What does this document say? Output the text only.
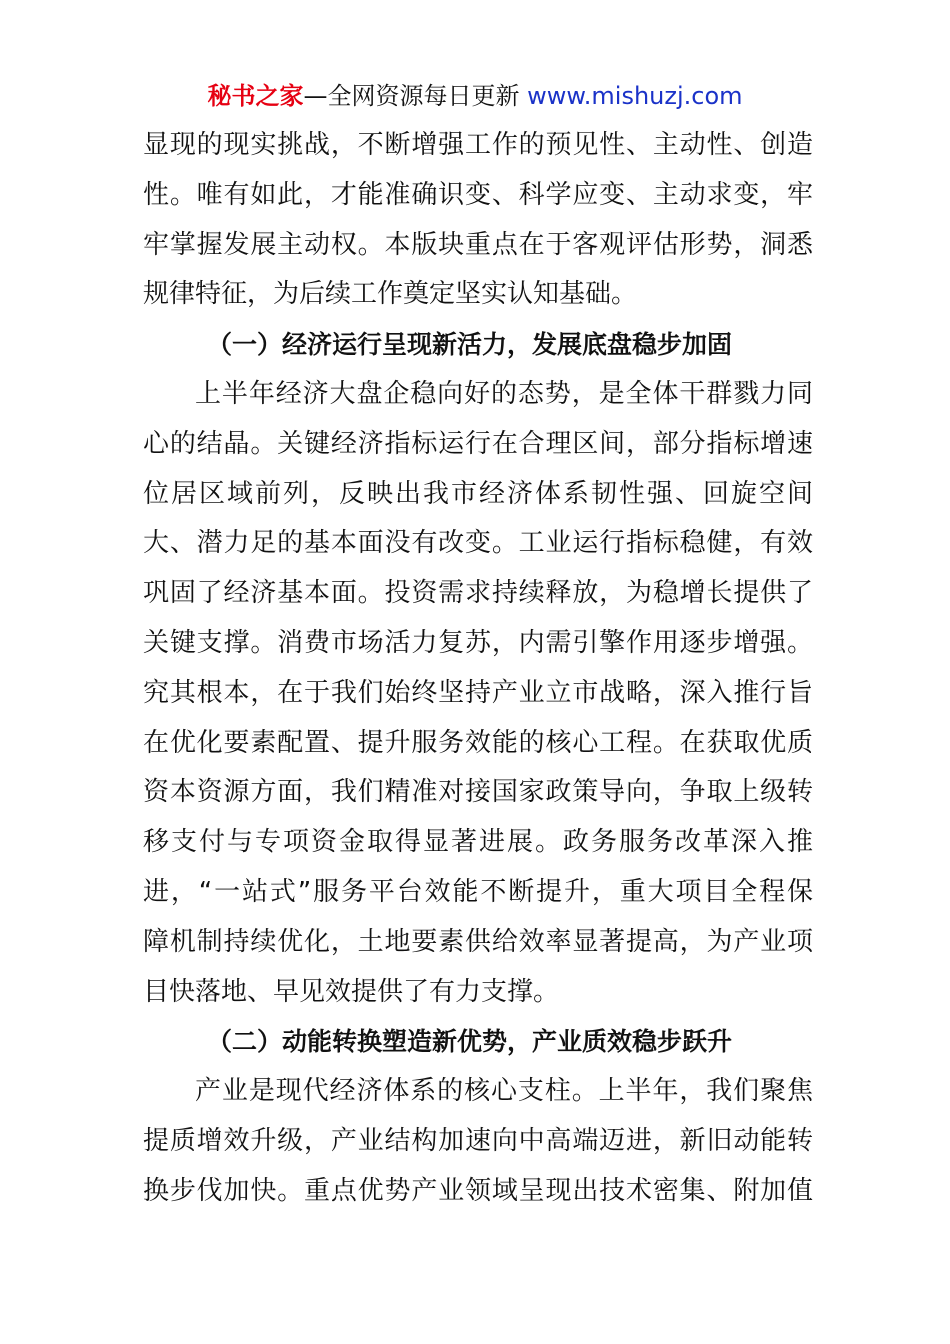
秘书之家—全网资源每日更新 www.mishuzj.com
显现的现实挑战，不断增强工作的预见性、主动性、创造
性。唯有如此，才能准确识变、科学应变、主动求变，牢
牢掌握发展主动权。本版块重点在于客观评估形势，洞悉
规律特征，为后续工作奠定坚实认知基础。
（一）经济运行呈现新活力，发展底盘稳步加固
上半年经济大盘企稳向好的态势，是全体干群戮力同
心的结晶。关键经济指标运行在合理区间，部分指标增速
位居区域前列，反映出我市经济体系韧性强、回旋空间
大、潜力足的基本面没有改变。工业运行指标稳健，有效
巩固了经济基本面。投资需求持续释放，为稳增长提供了
关键支撑。消费市场活力复苏，内需引擎作用逐步增强。
究其根本，在于我们始终坚持产业立市战略，深入推行旨
在优化要素配置、提升服务效能的核心工程。在获取优质
资本资源方面，我们精准对接国家政策导向，争取上级转
移支付与专项资金取得显著进展。政务服务改革深入推
进，“一站式”服务平台效能不断提升，重大项目全程保
障机制持续优化，土地要素供给效率显著提高，为产业项
目快落地、早见效提供了有力支撑。
（二）动能转换塑造新优势，产业质效稳步跃升
产业是现代经济体系的核心支柱。上半年，我们聚焦
提质增效升级，产业结构加速向中高端迈进，新旧动能转
换步伐加快。重点优势产业领域呈现出技术密集、附加值
